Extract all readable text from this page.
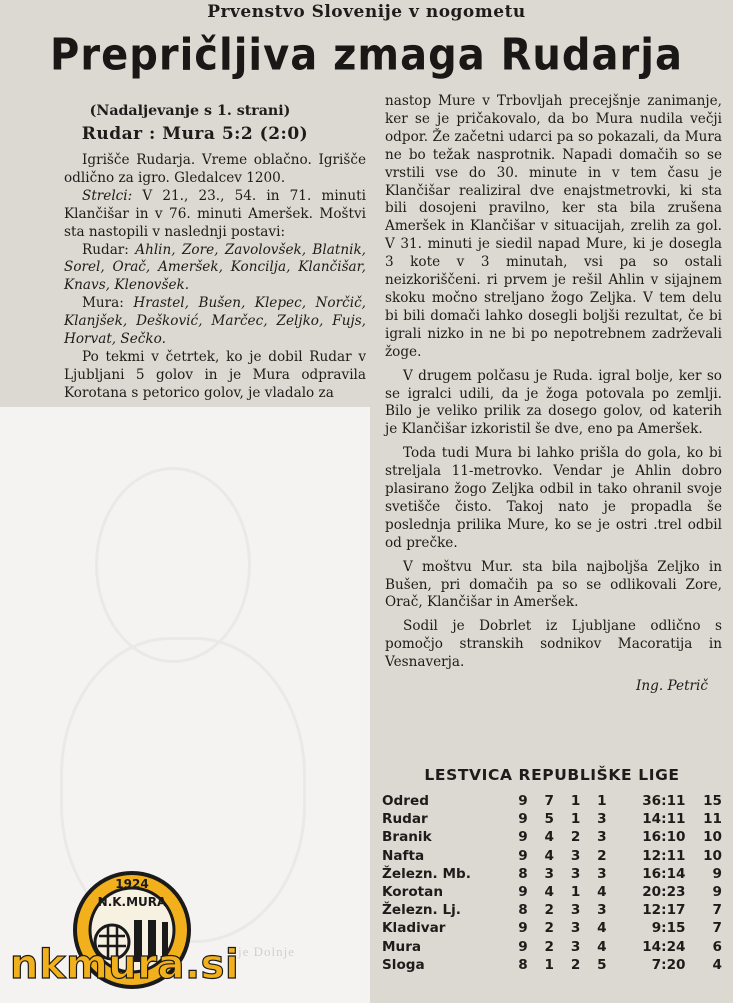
je Dolnje
Prvenstvo Slovenije v nogometu
Prepričljiva zmaga Rudarja

(Nadaljevanje s 1. strani)

Rudar : Mura 5:2 (2:0)

Igrišče Rudarja. Vreme oblačno. Igrišče odlično za igro. Gledalcev 1200.

Strelci: V 21., 23., 54. in 71. minuti Klančišar in v 76. minuti Ameršek. Moštvi sta nastopili v naslednji postavi:

Rudar: Ahlin, Zore, Zavolovšek, Blatnik, Sorel, Orač, Ameršek, Koncilja, Klančišar, Knavs, Klenovšek.

Mura: Hrastel, Bušen, Klepec, Norčič, Klanjšek, Dešković, Marčec, Zeljko, Fujs, Horvat, Sečko.

Po tekmi v četrtek, ko je dobil Rudar v Ljubljani 5 golov in je Mura odpravila Korotana s petorico golov, je vladalo za

nastop Mure v Trbovljah precejšnje zanimanje, ker se je pričakovalo, da bo Mura nudila večji odpor. Že začetni udarci pa so pokazali, da Mura ne bo težak nasprotnik. Napadi domačih so se vrstili vse do 30. minute in v tem času je Klančišar realiziral dve enajstmetrovki, ki sta bili dosojeni pravilno, ker sta bila zrušena Ameršek in Klančišar v situacijah, zrelih za gol. V 31. minuti je siedil napad Mure, ki je dosegla 3 kote v 3 minutah, vsi pa so ostali neizkoriščeni. ri prvem je rešil Ahlin v sijajnem skoku močno streljano žogo Zeljka. V tem delu bi bili domači lahko dosegli boljši rezultat, če bi igrali nizko in ne bi po nepotrebnem zadrževali žoge.

V drugem polčasu je Ruda. igral bolje, ker so se igralci udili, da je žoga potovala po zemlji. Bilo je veliko prilik za dosego golov, od katerih je Klančišar izkoristil še dve, eno pa Ameršek.

Toda tudi Mura bi lahko prišla do gola, ko bi streljala 11-metrovko. Vendar je Ahlin dobro plasirano žogo Zeljka odbil in tako ohranil svoje svetišče čisto. Takoj nato je propadla še poslednja prilika Mure, ko se je ostri .trel odbil od prečke.

V moštvu Mur. sta bila najboljša Zeljko in Bušen, pri domačih pa so se odlikovali Zore, Orač, Klančišar in Ameršek.

Sodil je Dobrlet iz Ljubljane odlično s pomočjo stranskih sodnikov Macoratija in Vesnaverja.

Ing. Petrič

LESTVICA REPUBLIŠKE LIGE
Odred	9	7	1	1	36:11	15
Rudar	9	5	1	3	14:11	11
Branik	9	4	2	3	16:10	10
Nafta	9	4	3	2	12:11	10
Železn. Mb.	8	3	3	3	16:14	9
Korotan	9	4	1	4	20:23	9
Železn. Lj.	8	2	3	3	12:17	7
Kladivar	9	2	3	4	9:15	7
Mura	9	2	3	4	14:24	6
Sloga	8	1	2	5	7:20	4
1924
N.K.MURA
nkmura.si
